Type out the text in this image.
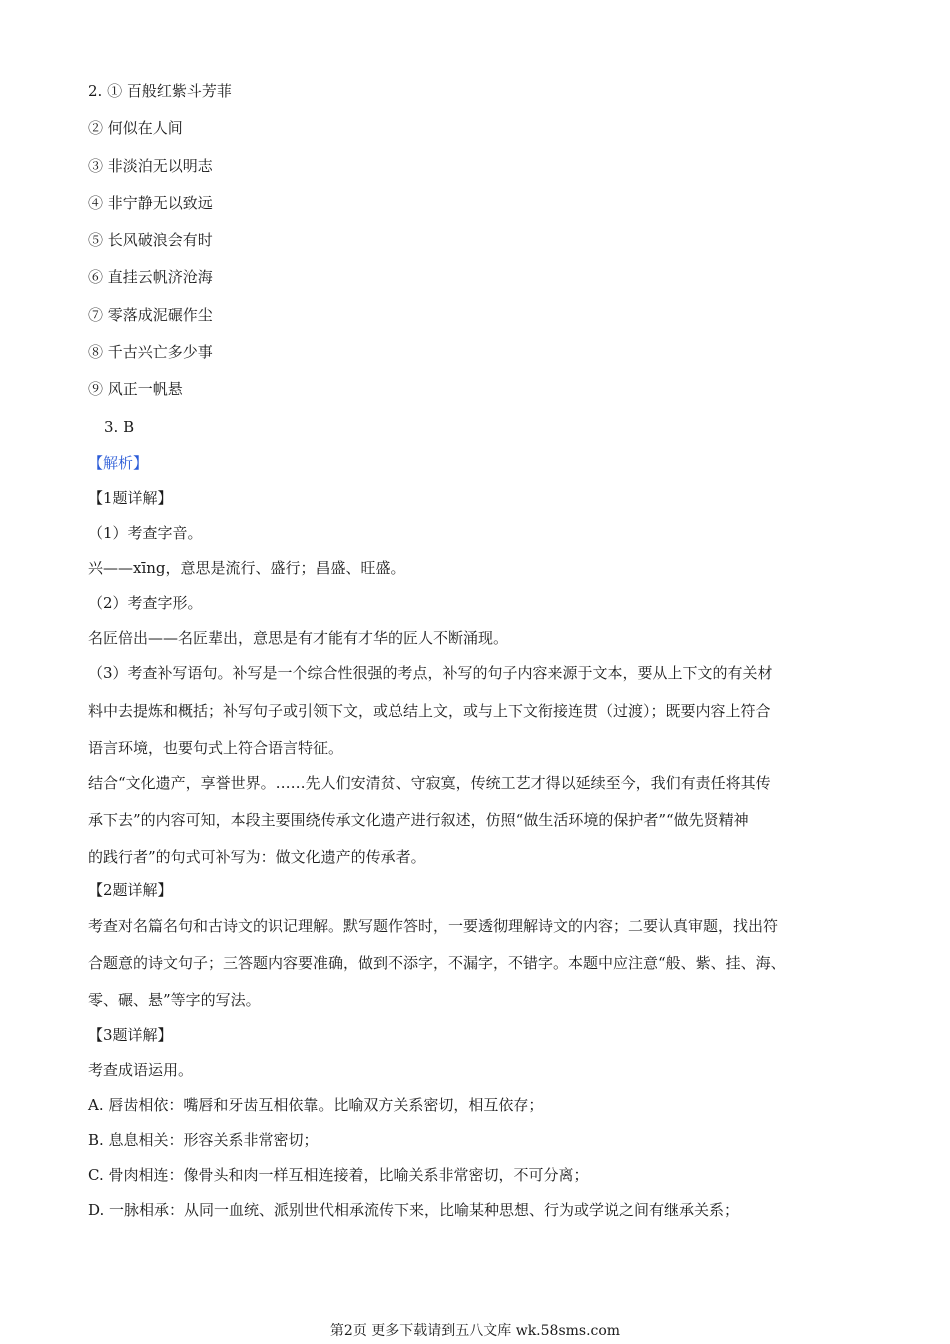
2. ① 百般红紫斗芳菲
② 何似在人间
③ 非淡泊无以明志
④ 非宁静无以致远
⑤ 长风破浪会有时
⑥ 直挂云帆济沧海
⑦ 零落成泥碾作尘
⑧ 千古兴亡多少事
⑨ 风正一帆悬
3. B
【解析】
【1题详解】
（1）考查字音。
兴——xīng，意思是流行、盛行；昌盛、旺盛。
（2）考查字形。
名匠倍出——名匠辈出，意思是有才能有才华的匠人不断涌现。
（3）考查补写语句。补写是一个综合性很强的考点，补写的句子内容来源于文本，要从上下文的有关材
料中去提炼和概括；补写句子或引领下文，或总结上文，或与上下文衔接连贯（过渡）；既要内容上符合
语言环境，也要句式上符合语言特征。
结合“文化遗产，享誉世界。……先人们安清贫、守寂寞，传统工艺才得以延续至今，我们有责任将其传
承下去”的内容可知，本段主要围绕传承文化遗产进行叙述，仿照“做生活环境的保护者”“做先贤精神
的践行者”的句式可补写为：做文化遗产的传承者。
【2题详解】
考查对名篇名句和古诗文的识记理解。默写题作答时，一要透彻理解诗文的内容；二要认真审题，找出符
合题意的诗文句子；三答题内容要准确，做到不添字，不漏字，不错字。本题中应注意“般、紫、挂、海、
零、碾、悬”等字的写法。
【3题详解】
考查成语运用。
A. 唇齿相依：嘴唇和牙齿互相依靠。比喻双方关系密切，相互依存；
B. 息息相关：形容关系非常密切；
C. 骨肉相连：像骨头和肉一样互相连接着，比喻关系非常密切，不可分离；
D. 一脉相承：从同一血统、派别世代相承流传下来，比喻某种思想、行为或学说之间有继承关系；
第2页 更多下载请到五八文库 wk.58sms.com
